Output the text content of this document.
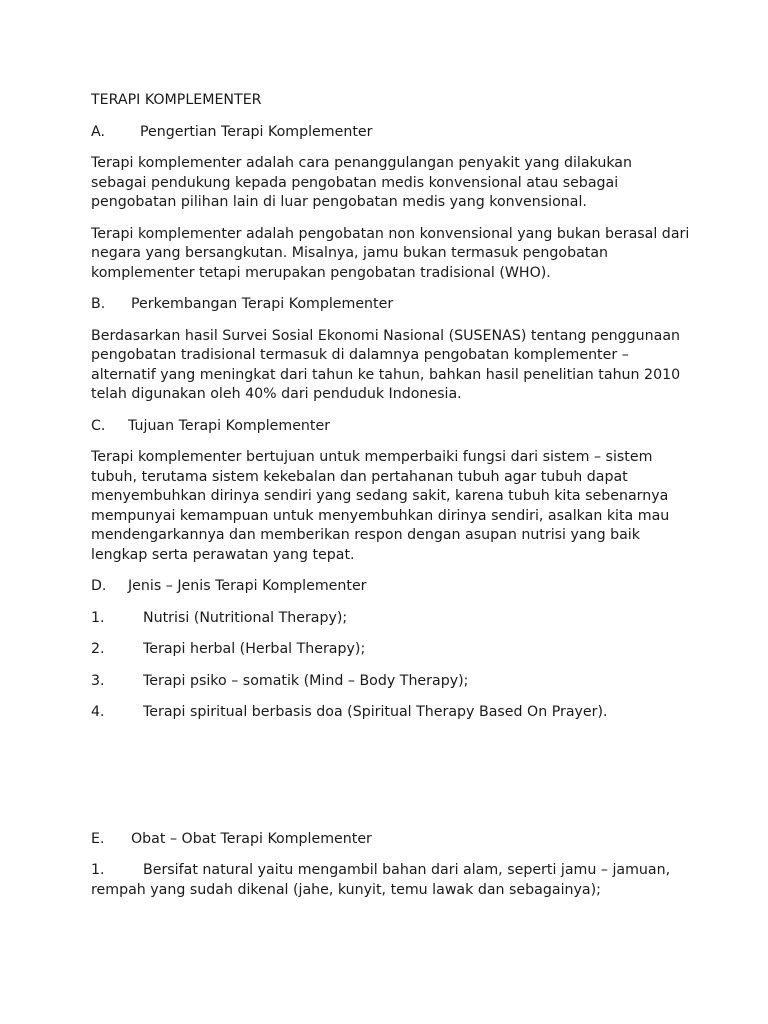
TERAPI KOMPLEMENTER

A. Pengertian Terapi Komplementer

Terapi komplementer adalah cara penanggulangan penyakit yang dilakukan sebagai pendukung kepada pengobatan medis konvensional atau sebagai pengobatan pilihan lain di luar pengobatan medis yang konvensional.

Terapi komplementer adalah pengobatan non konvensional yang bukan berasal dari negara yang bersangkutan. Misalnya, jamu bukan termasuk pengobatan komplementer tetapi merupakan pengobatan tradisional (WHO).

B. Perkembangan Terapi Komplementer

Berdasarkan hasil Survei Sosial Ekonomi Nasional (SUSENAS) tentang penggunaan pengobatan tradisional termasuk di dalamnya pengobatan komplementer – alternatif yang meningkat dari tahun ke tahun, bahkan hasil penelitian tahun 2010 telah digunakan oleh 40% dari penduduk Indonesia.

C. Tujuan Terapi Komplementer

Terapi komplementer bertujuan untuk memperbaiki fungsi dari sistem – sistem tubuh, terutama sistem kekebalan dan pertahanan tubuh agar tubuh dapat menyembuhkan dirinya sendiri yang sedang sakit, karena tubuh kita sebenarnya mempunyai kemampuan untuk menyembuhkan dirinya sendiri, asalkan kita mau mendengarkannya dan memberikan respon dengan asupan nutrisi yang baik lengkap serta perawatan yang tepat.

D. Jenis – Jenis Terapi Komplementer

1.	Nutrisi (Nutritional Therapy);

2.	Terapi herbal (Herbal Therapy);

3.	Terapi psiko – somatik (Mind – Body Therapy);

4.	Terapi spiritual berbasis doa (Spiritual Therapy Based On Prayer).

E. Obat – Obat Terapi Komplementer

1.	Bersifat natural yaitu mengambil bahan dari alam, seperti jamu – jamuan, rempah yang sudah dikenal (jahe, kunyit, temu lawak dan sebagainya);
